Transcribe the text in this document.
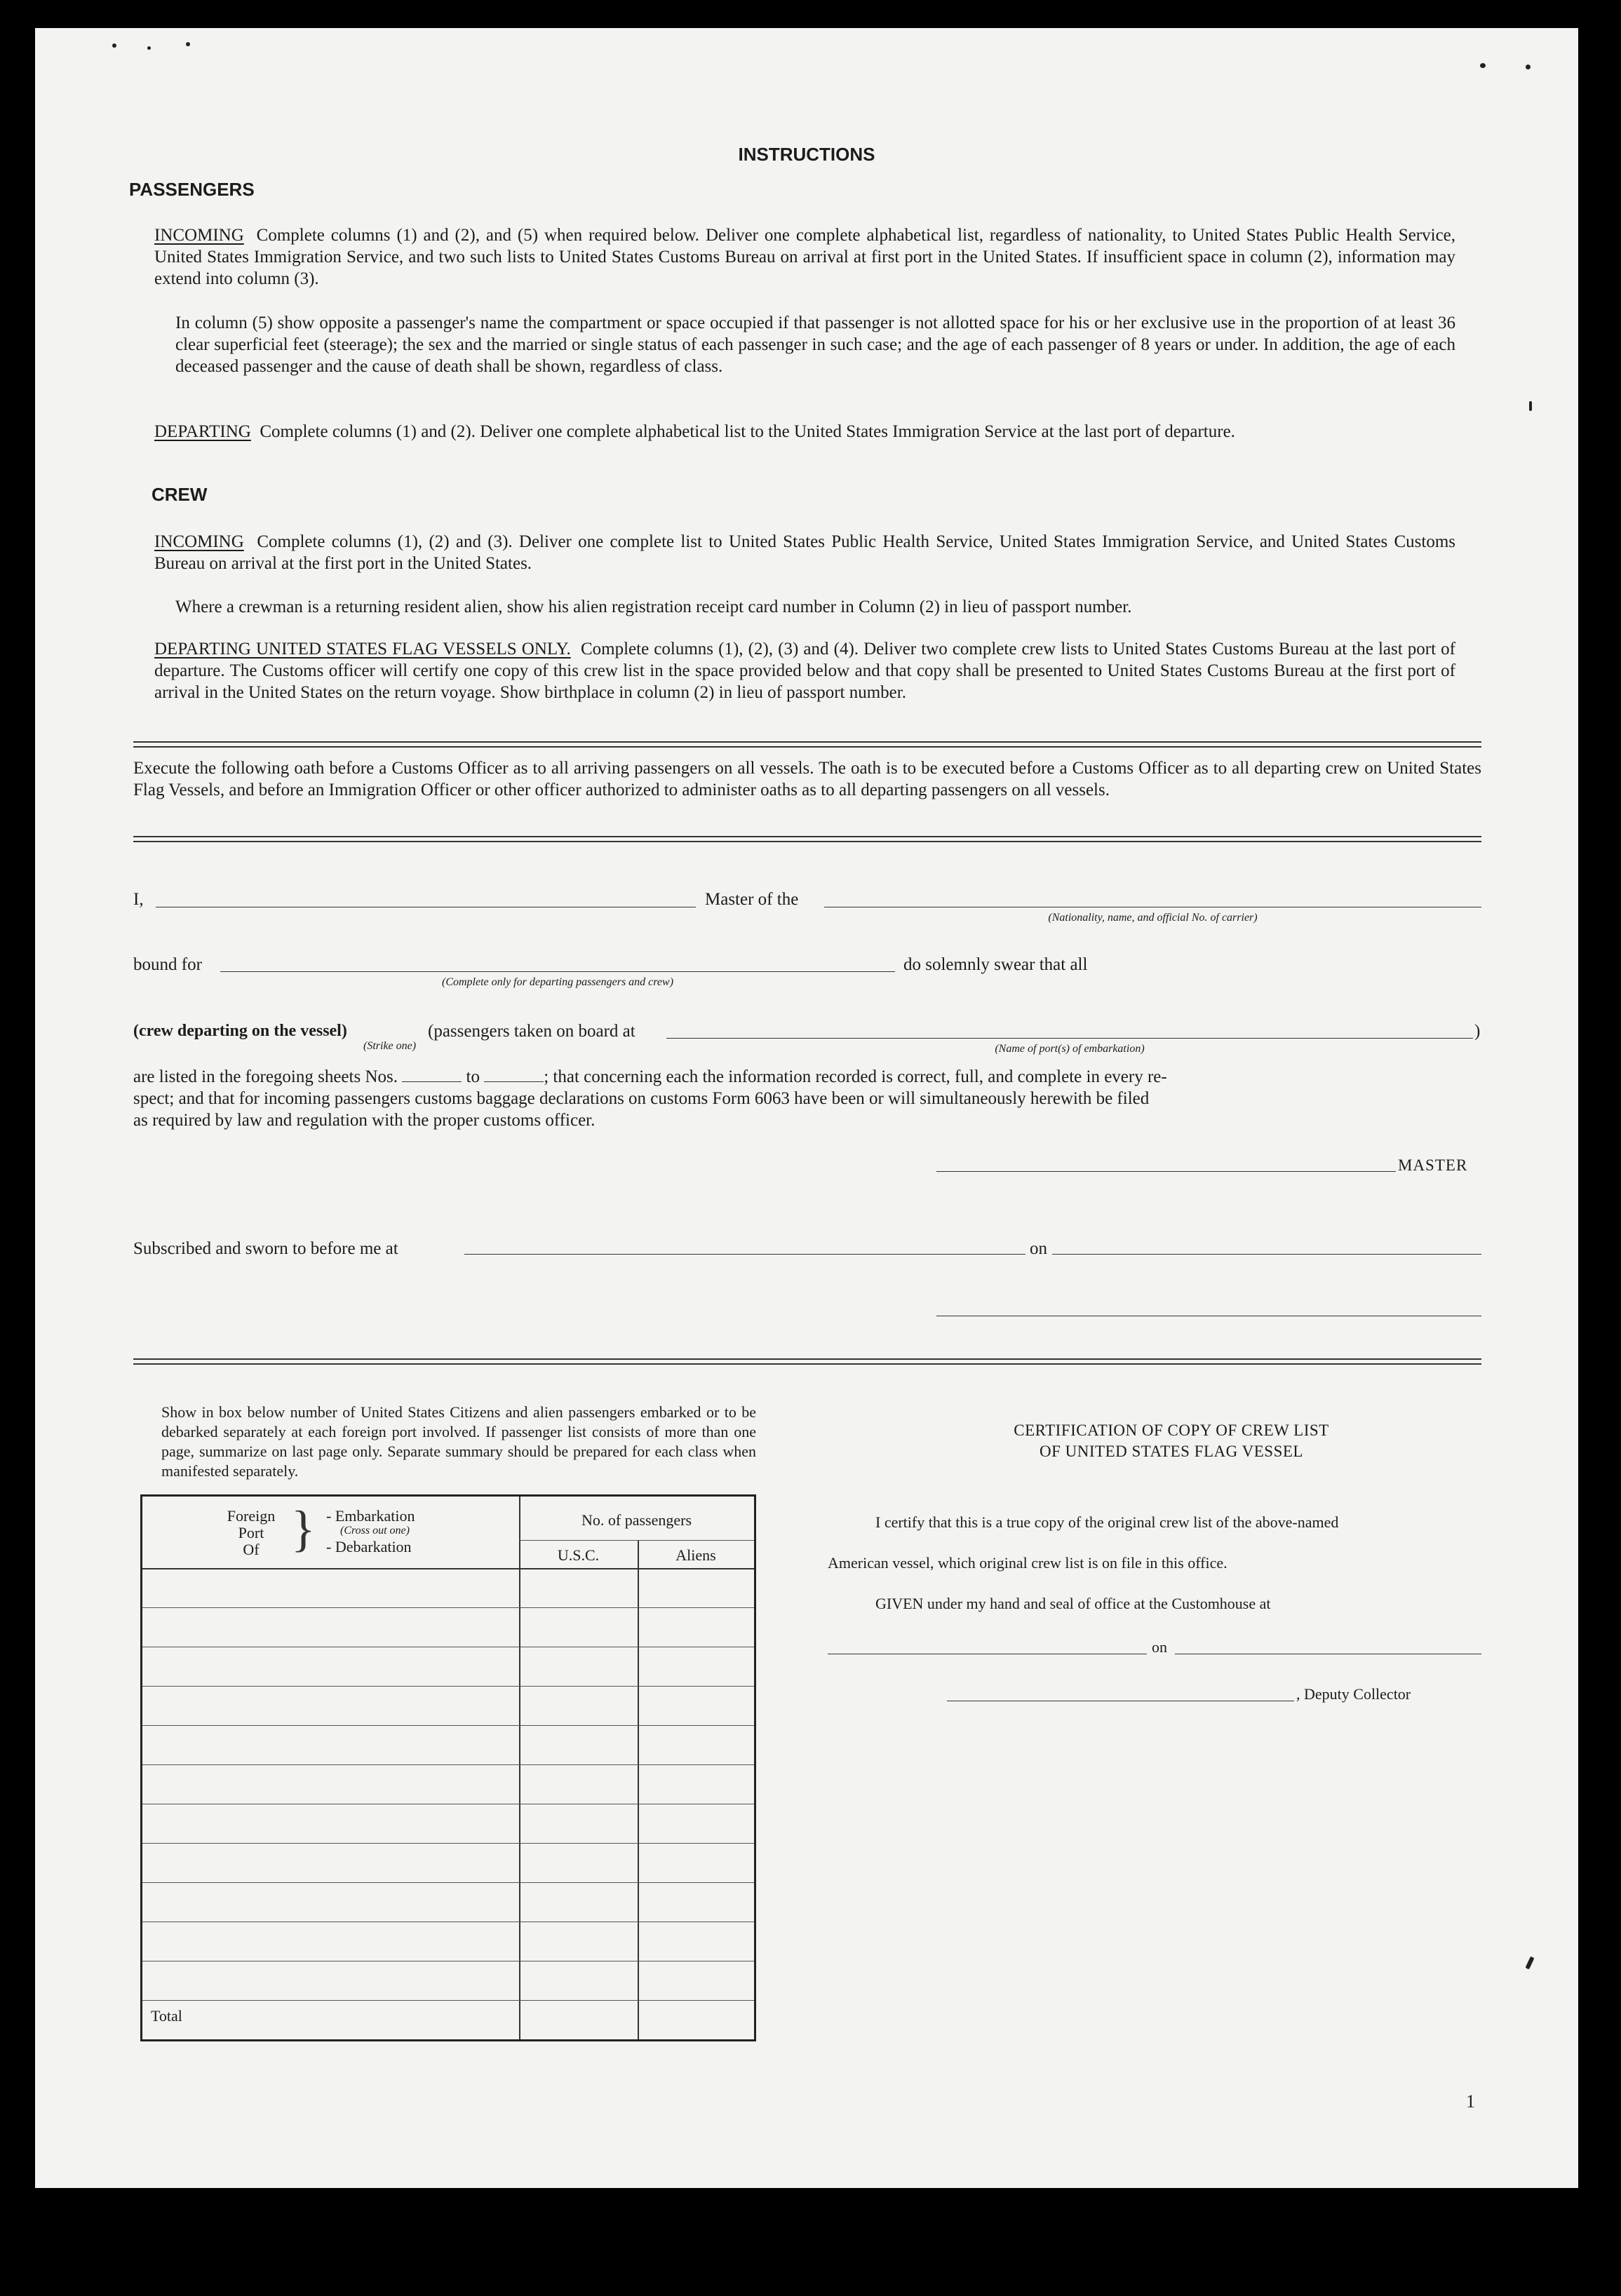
INSTRUCTIONS
PASSENGERS
INCOMING Complete columns (1) and (2), and (5) when required below. Deliver one complete alphabetical list, regardless of nationality, to United States Public Health Service, United States Immigration Service, and two such lists to United States Customs Bureau on arrival at first port in the United States. If insufficient space in column (2), information may extend into column (3).
In column (5) show opposite a passenger's name the compartment or space occupied if that passenger is not allotted space for his or her exclusive use in the proportion of at least 36 clear superficial feet (steerage); the sex and the married or single status of each passenger in such case; and the age of each passenger of 8 years or under. In addition, the age of each deceased passenger and the cause of death shall be shown, regardless of class.
DEPARTING Complete columns (1) and (2). Deliver one complete alphabetical list to the United States Immigration Service at the last port of departure.
CREW
INCOMING Complete columns (1), (2) and (3). Deliver one complete list to United States Public Health Service, United States Immigration Service, and United States Customs Bureau on arrival at the first port in the United States.
Where a crewman is a returning resident alien, show his alien registration receipt card number in Column (2) in lieu of passport number.
DEPARTING UNITED STATES FLAG VESSELS ONLY. Complete columns (1), (2), (3) and (4). Deliver two complete crew lists to United States Customs Bureau at the last port of departure. The Customs officer will certify one copy of this crew list in the space provided below and that copy shall be presented to United States Customs Bureau at the first port of arrival in the United States on the return voyage. Show birthplace in column (2) in lieu of passport number.
Execute the following oath before a Customs Officer as to all arriving passengers on all vessels. The oath is to be executed before a Customs Officer as to all departing crew on United States Flag Vessels, and before an Immigration Officer or other officer authorized to administer oaths as to all departing passengers on all vessels.
I,	Master of the
(Nationality, name, and official No. of carrier)
bound for
(Complete only for departing passengers and crew)
do solemnly swear that all
(crew departing on the vessel)
(Strike one)
(passengers taken on board at	)
(Name of port(s) of embarkation)
are listed in the foregoing sheets Nos.	to	; that concerning each the information recorded is correct, full, and complete in every re-
spect; and that for incoming passengers customs baggage declarations on customs Form 6063 have been or will simultaneously herewith be filed
as required by law and regulation with the proper customs officer.
MASTER
Subscribed and sworn to before me at	on
Show in box below number of United States Citizens and alien passengers embarked or to be debarked separately at each foreign port involved. If passenger list consists of more than one page, summarize on last page only. Separate summary should be prepared for each class when manifested separately.
Foreign
Port
Of } - Embarkation
(Cross out one)
- Debarkation
No. of passengers
U.S.C.	Aliens
Total
CERTIFICATION OF COPY OF CREW LIST
OF UNITED STATES FLAG VESSEL
I certify that this is a true copy of the original crew list of the above-named
American vessel, which original crew list is on file in this office.
GIVEN under my hand and seal of office at the Customhouse at
on
, Deputy Collector
1
